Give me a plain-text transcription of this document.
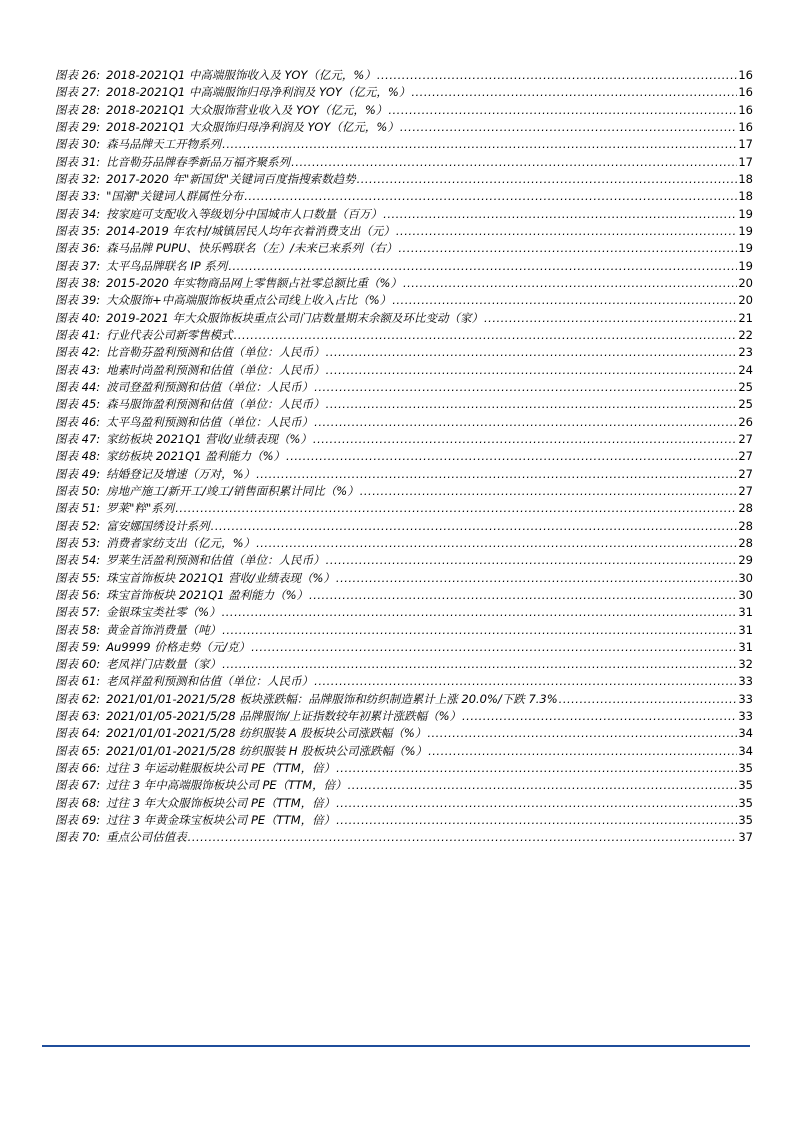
图表 26: 2018-2021Q1 中高端服饰收入及 YOY（亿元，%） .....	16
图表 27: 2018-2021Q1 中高端服饰归母净利润及 YOY（亿元，%） .....	16
图表 28: 2018-2021Q1 大众服饰营业收入及 YOY（亿元，%） .....	16
图表 29: 2018-2021Q1 大众服饰归母净利润及 YOY（亿元，%） .....	16
图表 30: 森马品牌天工开物系列 .....	17
图表 31: 比音勒芬品牌春季新品万福齐聚系列 .....	17
图表 32: 2017-2020 年"新国货"关键词百度指搜索数趋势 .....	18
图表 33: "国潮"关键词人群属性分布 .....	18
图表 34: 按家庭可支配收入等级划分中国城市人口数量（百万） .....	19
图表 35: 2014-2019 年农村/城镇居民人均年衣着消费支出（元） .....	19
图表 36: 森马品牌 PUPU、快乐鸭联名（左）/未来已来系列（右） .....	19
图表 37: 太平鸟品牌联名 IP 系列 .....	19
图表 38: 2015-2020 年实物商品网上零售额占社零总额比重（%） .....	20
图表 39: 大众服饰+中高端服饰板块重点公司线上收入占比（%） .....	20
图表 40: 2019-2021 年大众服饰板块重点公司门店数量期末余额及环比变动（家） .....	21
图表 41: 行业代表公司新零售模式 .....	22
图表 42: 比音勒芬盈利预测和估值（单位：人民币） .....	23
图表 43: 地素时尚盈利预测和估值（单位：人民币） .....	24
图表 44: 波司登盈利预测和估值（单位：人民币） .....	25
图表 45: 森马服饰盈利预测和估值（单位：人民币） .....	25
图表 46: 太平鸟盈利预测和估值（单位：人民币） .....	26
图表 47: 家纺板块 2021Q1 营收/业绩表现（%） .....	27
图表 48: 家纺板块 2021Q1 盈利能力（%） .....	27
图表 49: 结婚登记及增速（万对，%） .....	27
图表 50: 房地产施工/新开工/竣工/销售面积累计同比（%） .....	27
图表 51: 罗莱"粹"系列 .....	28
图表 52: 富安娜国绣设计系列 .....	28
图表 53: 消费者家纺支出（亿元，%） .....	28
图表 54: 罗莱生活盈利预测和估值（单位：人民币） .....	29
图表 55: 珠宝首饰板块 2021Q1 营收/业绩表现（%） .....	30
图表 56: 珠宝首饰板块 2021Q1 盈利能力（%） .....	30
图表 57: 金银珠宝类社零（%） .....	31
图表 58: 黄金首饰消费量（吨） .....	31
图表 59: Au9999 价格走势（元/克） .....	31
图表 60: 老凤祥门店数量（家） .....	32
图表 61: 老凤祥盈利预测和估值（单位：人民币） .....	33
图表 62: 2021/01/01-2021/5/28 板块涨跌幅：品牌服饰和纺织制造累计上涨 20.0%/下跌 7.3% .....	33
图表 63: 2021/01/05-2021/5/28 品牌服饰/上证指数较年初累计涨跌幅（%） .....	33
图表 64: 2021/01/01-2021/5/28 纺织服装 A 股板块公司涨跌幅（%） .....	34
图表 65: 2021/01/01-2021/5/28 纺织服装 H 股板块公司涨跌幅（%） .....	34
图表 66: 过往 3 年运动鞋服板块公司 PE（TTM，倍） .....	35
图表 67: 过往 3 年中高端服饰板块公司 PE（TTM，倍） .....	35
图表 68: 过往 3 年大众服饰板块公司 PE（TTM，倍） .....	35
图表 69: 过往 3 年黄金珠宝板块公司 PE（TTM，倍） .....	35
图表 70: 重点公司估值表 .....	37
